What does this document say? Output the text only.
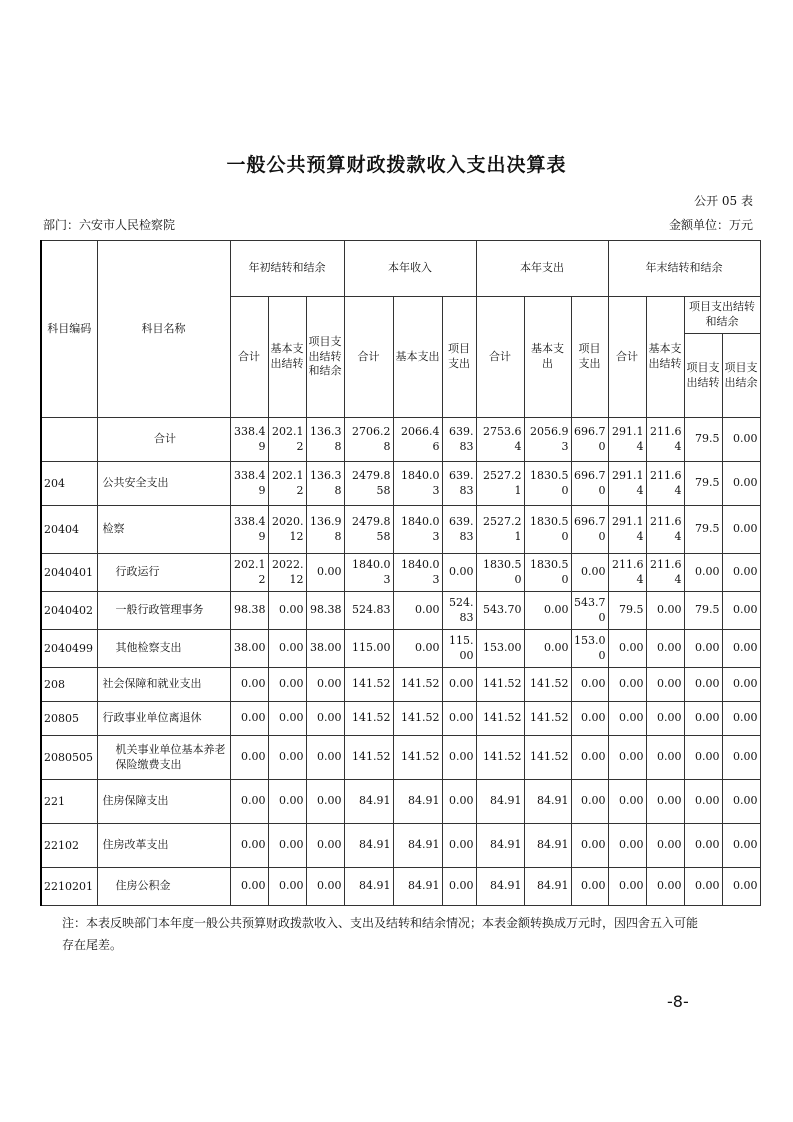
一般公共预算财政拨款收入支出决算表
公开 05 表
部门：六安市人民检察院	金额单位：万元
科目编码	科目名称	年初结转和结余			本年收入			本年支出			年末结转和结余			
		合计	基本支出结转	项目支出结转和结余	合计	基本支出	项目支出	合计	基本支出	项目支出	合计	基本支出结转	项目支出结转和结余	
													项目支出结转	项目支出结余
	合计	338.49	202.12	136.38	2706.28	2066.46	639.83	2753.64	2056.93	696.70	291.14	211.64	79.5	0.00
204	公共安全支出	338.49	202.12	136.38	2479.858	1840.03	639.83	2527.21	1830.50	696.70	291.14	211.64	79.5	0.00
20404	检察	338.49	2020.12	136.98	2479.858	1840.03	639.83	2527.21	1830.50	696.70	291.14	211.64	79.5	0.00
2040401	行政运行	202.12	2022.12	0.00	1840.03	1840.03	0.00	1830.50	1830.50	0.00	211.64	211.64	0.00	0.00
2040402	一般行政管理事务	98.38	0.00	98.38	524.83	0.00	524.83	543.70	0.00	543.70	79.5	0.00	79.5	0.00
2040499	其他检察支出	38.00	0.00	38.00	115.00	0.00	115.00	153.00	0.00	153.00	0.00	0.00	0.00	0.00
208	社会保障和就业支出	0.00	0.00	0.00	141.52	141.52	0.00	141.52	141.52	0.00	0.00	0.00	0.00	0.00
20805	行政事业单位离退休	0.00	0.00	0.00	141.52	141.52	0.00	141.52	141.52	0.00	0.00	0.00	0.00	0.00
2080505	机关事业单位基本养老保险缴费支出	0.00	0.00	0.00	141.52	141.52	0.00	141.52	141.52	0.00	0.00	0.00	0.00	0.00
221	住房保障支出	0.00	0.00	0.00	84.91	84.91	0.00	84.91	84.91	0.00	0.00	0.00	0.00	0.00
22102	住房改革支出	0.00	0.00	0.00	84.91	84.91	0.00	84.91	84.91	0.00	0.00	0.00	0.00	0.00
2210201	住房公积金	0.00	0.00	0.00	84.91	84.91	0.00	84.91	84.91	0.00	0.00	0.00	0.00	0.00
注：本表反映部门本年度一般公共预算财政拨款收入、支出及结转和结余情况；本表金额转换成万元时，因四舍五入可能存在尾差。
-8-
